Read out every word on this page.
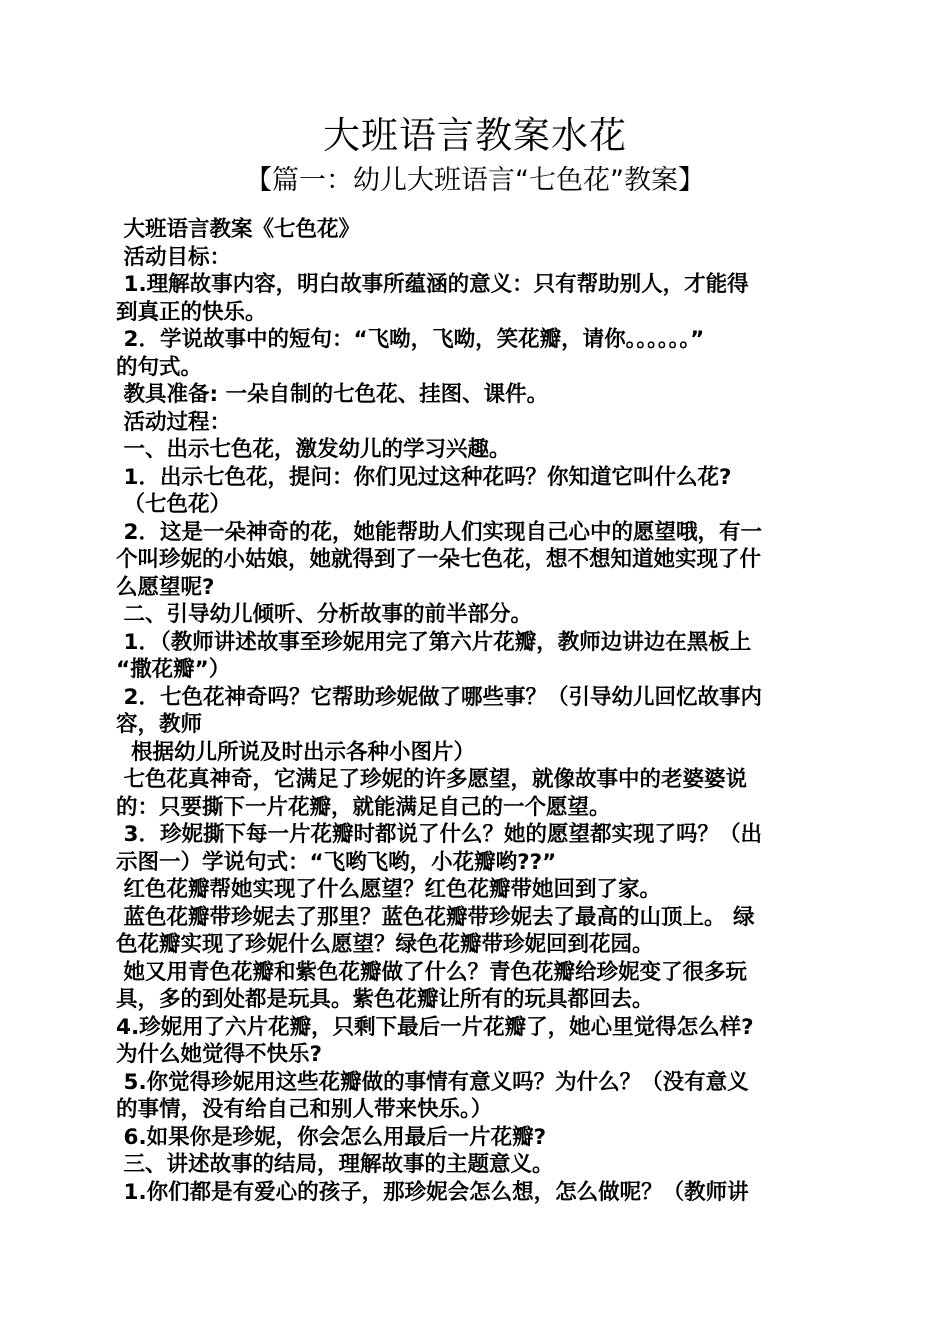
大班语言教案水花
【篇一：幼儿大班语言“七色花”教案】
大班语言教案《七色花》
活动目标：
1.理解故事内容，明白故事所蕴涵的意义：只有帮助别人，才能得
到真正的快乐。
2．学说故事中的短句：“飞呦，飞呦，笑花瓣，请你。。。。。。”
的句式。
教具准备: 一朵自制的七色花、挂图、课件。
活动过程：
一、出示七色花，激发幼儿的学习兴趣。
1．出示七色花，提问：你们见过这种花吗？你知道它叫什么花?
（七色花）
2．这是一朵神奇的花，她能帮助人们实现自己心中的愿望哦，有一
个叫珍妮的小姑娘，她就得到了一朵七色花，想不想知道她实现了什
么愿望呢?
二、引导幼儿倾听、分析故事的前半部分。
1．（教师讲述故事至珍妮用完了第六片花瓣，教师边讲边在黑板上
“撒花瓣”）
2．七色花神奇吗？它帮助珍妮做了哪些事？（引导幼儿回忆故事内
容，教师
根据幼儿所说及时出示各种小图片）
七色花真神奇，它满足了珍妮的许多愿望，就像故事中的老婆婆说
的：只要撕下一片花瓣，就能满足自己的一个愿望。
3．珍妮撕下每一片花瓣时都说了什么？她的愿望都实现了吗？（出
示图一）学说句式：“飞哟飞哟，小花瓣哟??”
红色花瓣帮她实现了什么愿望？红色花瓣带她回到了家。
蓝色花瓣带珍妮去了那里？蓝色花瓣带珍妮去了最高的山顶上。 绿
色花瓣实现了珍妮什么愿望？绿色花瓣带珍妮回到花园。
她又用青色花瓣和紫色花瓣做了什么？青色花瓣给珍妮变了很多玩
具，多的到处都是玩具。紫色花瓣让所有的玩具都回去。
4.珍妮用了六片花瓣，只剩下最后一片花瓣了，她心里觉得怎么样?
为什么她觉得不快乐?
5.你觉得珍妮用这些花瓣做的事情有意义吗？为什么？（没有意义
的事情，没有给自己和别人带来快乐。）
6.如果你是珍妮，你会怎么用最后一片花瓣?
三、讲述故事的结局，理解故事的主题意义。
1.你们都是有爱心的孩子，那珍妮会怎么想，怎么做呢？（教师讲
